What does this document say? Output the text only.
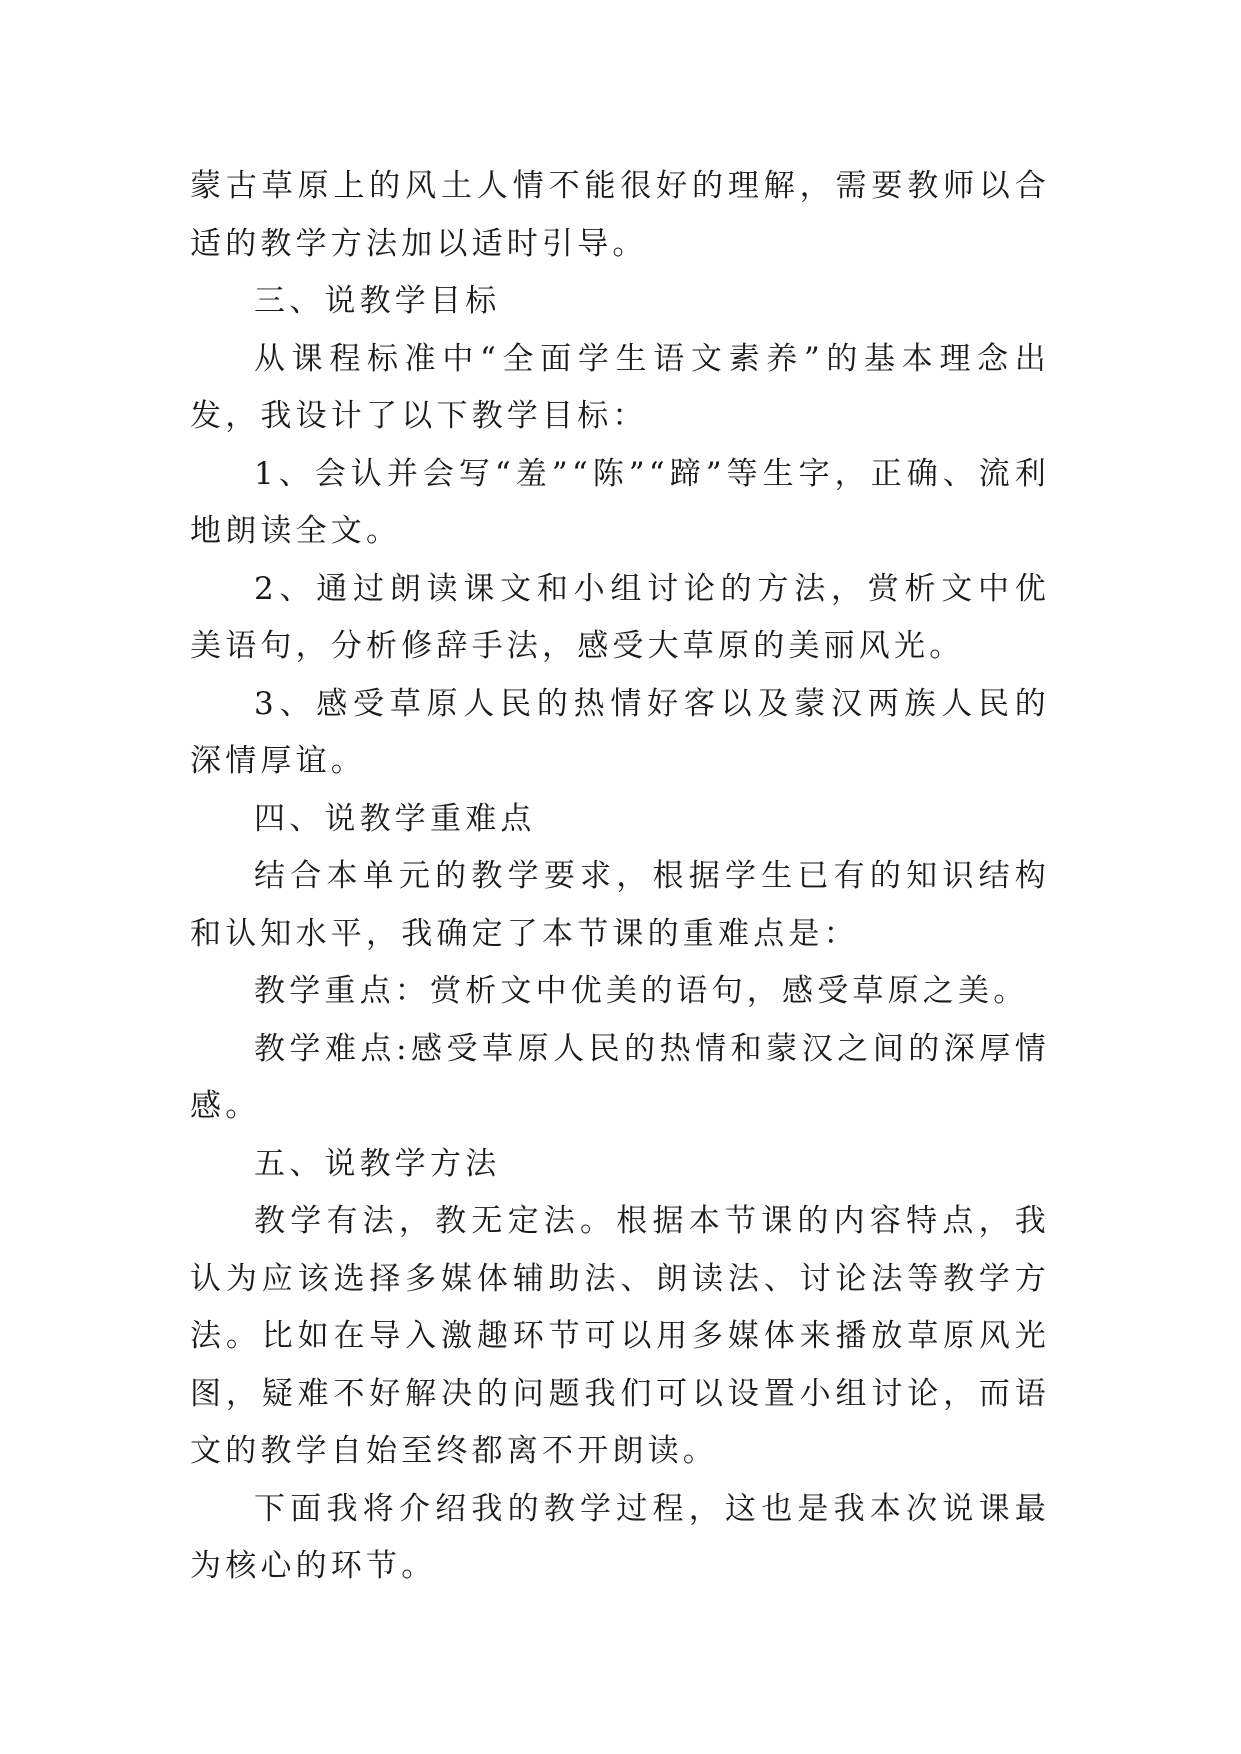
蒙古草原上的风土人情不能很好的理解，需要教师以合适的教学方法加以适时引导。

三、说教学目标

从课程标准中“全面学生语文素养”的基本理念出发，我设计了以下教学目标：

1、会认并会写“羞”“陈”“蹄”等生字，正确、流利地朗读全文。

2、通过朗读课文和小组讨论的方法，赏析文中优美语句，分析修辞手法，感受大草原的美丽风光。

3、感受草原人民的热情好客以及蒙汉两族人民的深情厚谊。

四、说教学重难点

结合本单元的教学要求，根据学生已有的知识结构和认知水平，我确定了本节课的重难点是：

教学重点：赏析文中优美的语句，感受草原之美。

教学难点:感受草原人民的热情和蒙汉之间的深厚情感。

五、说教学方法

教学有法，教无定法。根据本节课的内容特点，我认为应该选择多媒体辅助法、朗读法、讨论法等教学方法。比如在导入激趣环节可以用多媒体来播放草原风光图，疑难不好解决的问题我们可以设置小组讨论，而语文的教学自始至终都离不开朗读。

下面我将介绍我的教学过程，这也是我本次说课最为核心的环节。
